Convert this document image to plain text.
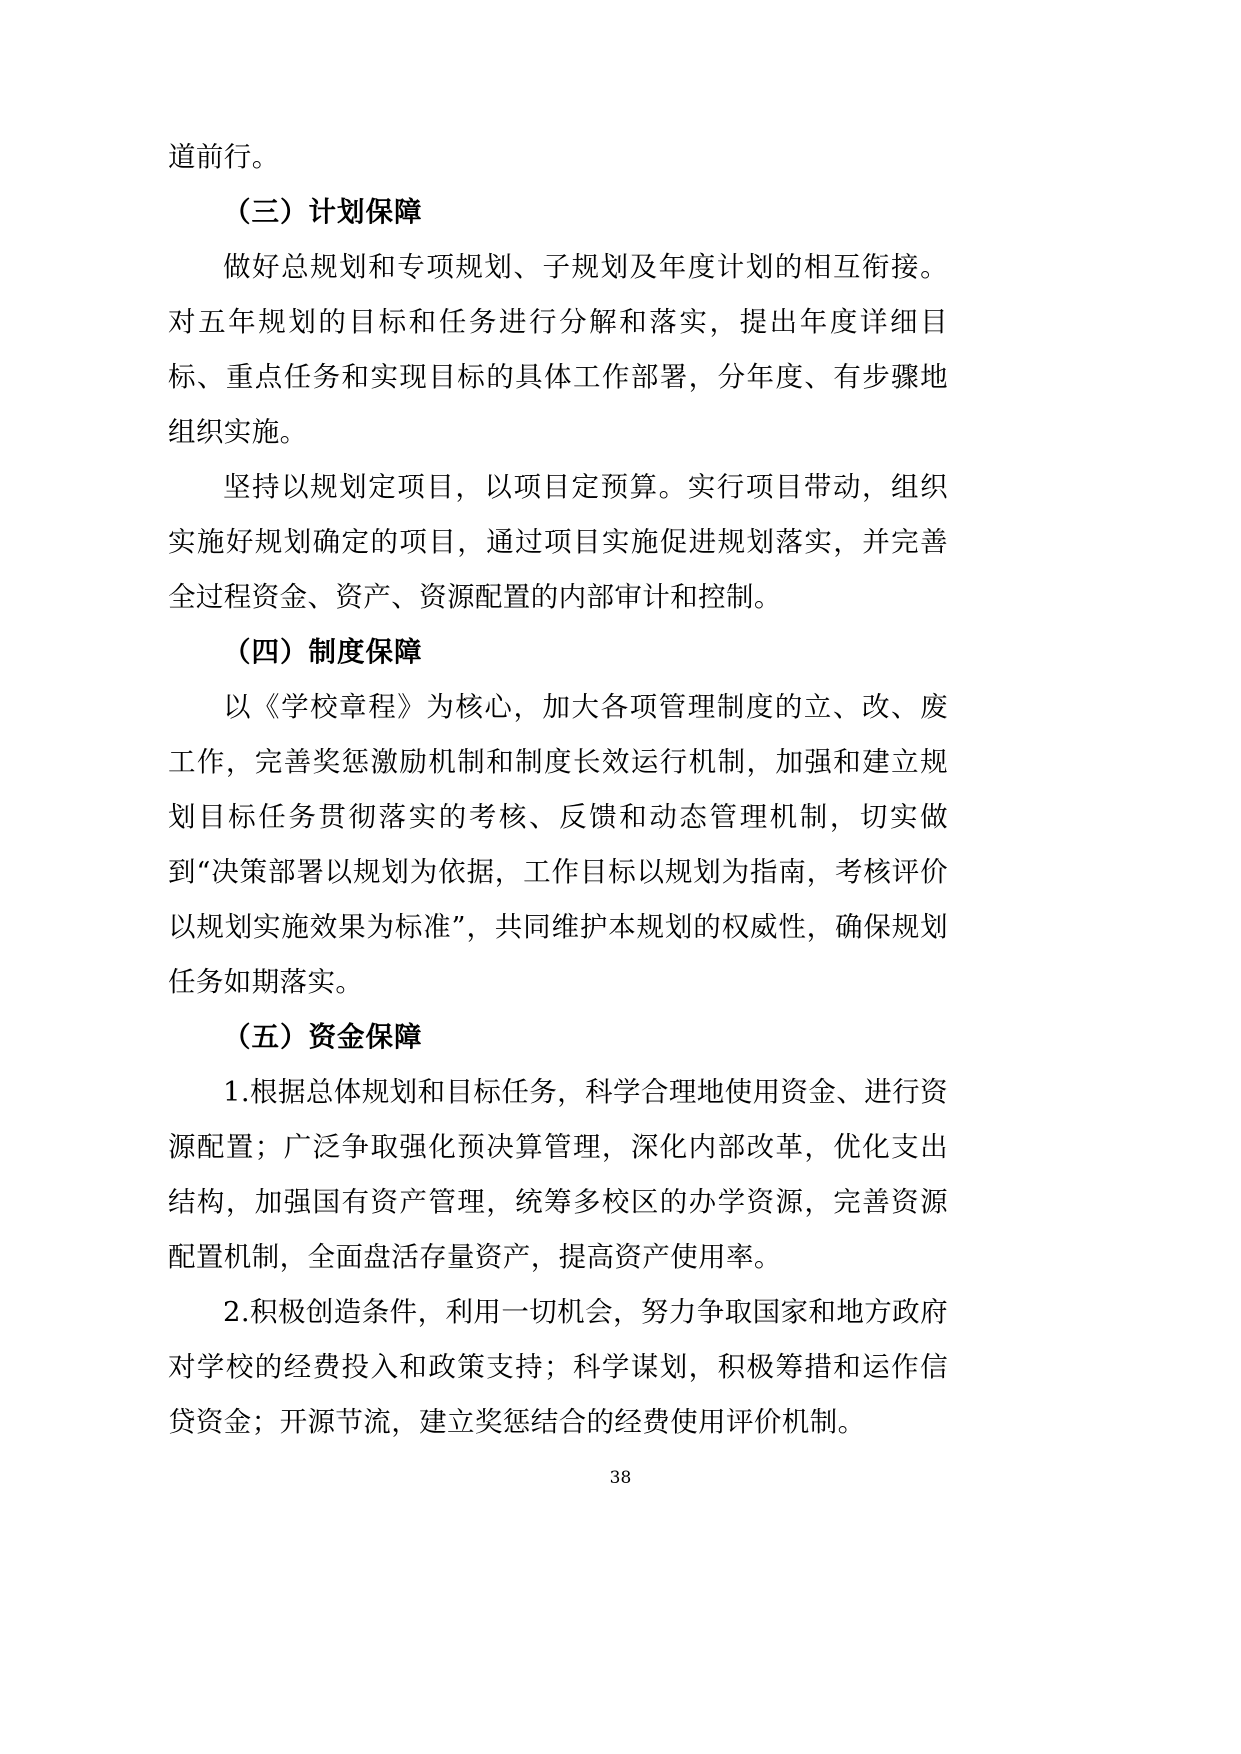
道前行。

（三）计划保障

做好总规划和专项规划、子规划及年度计划的相互衔接。对五年规划的目标和任务进行分解和落实，提出年度详细目标、重点任务和实现目标的具体工作部署，分年度、有步骤地组织实施。

坚持以规划定项目，以项目定预算。实行项目带动，组织实施好规划确定的项目，通过项目实施促进规划落实，并完善全过程资金、资产、资源配置的内部审计和控制。

（四）制度保障

以《学校章程》为核心，加大各项管理制度的立、改、废工作，完善奖惩激励机制和制度长效运行机制，加强和建立规划目标任务贯彻落实的考核、反馈和动态管理机制，切实做到“决策部署以规划为依据，工作目标以规划为指南，考核评价以规划实施效果为标准”，共同维护本规划的权威性，确保规划任务如期落实。

（五）资金保障

1.根据总体规划和目标任务，科学合理地使用资金、进行资源配置；广泛争取强化预决算管理，深化内部改革，优化支出结构，加强国有资产管理，统筹多校区的办学资源，完善资源配置机制，全面盘活存量资产，提高资产使用率。

2.积极创造条件，利用一切机会，努力争取国家和地方政府对学校的经费投入和政策支持；科学谋划，积极筹措和运作信贷资金；开源节流，建立奖惩结合的经费使用评价机制。

38
